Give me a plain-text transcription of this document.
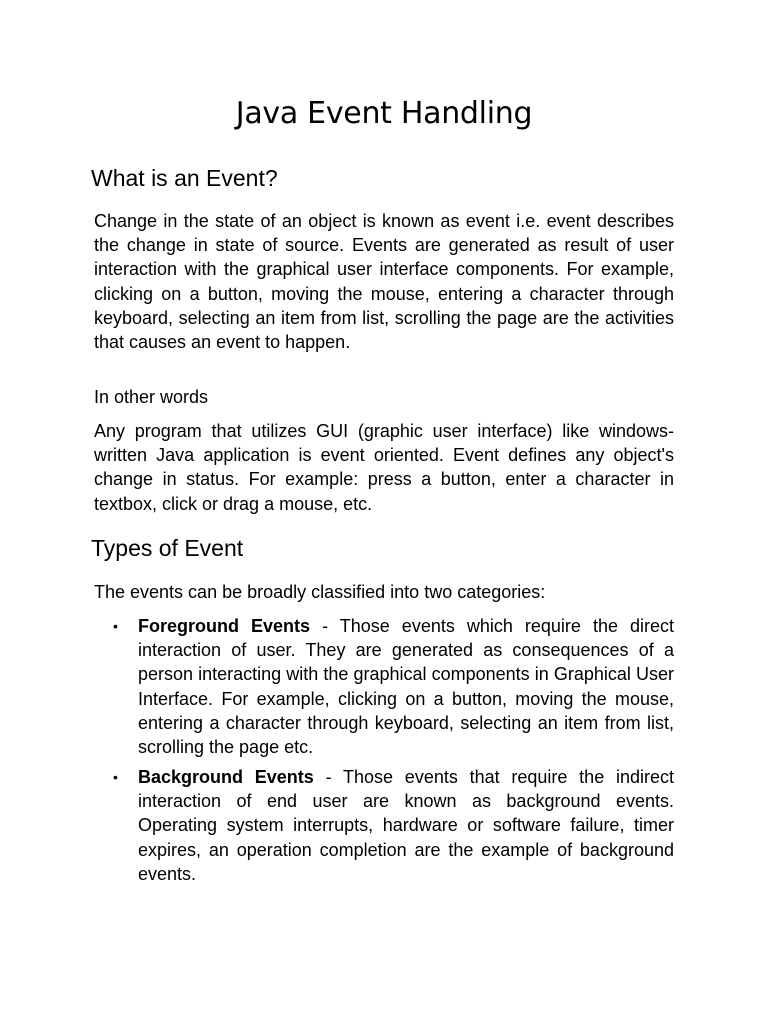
Java Event Handling
What is an Event?

Change in the state of an object is known as event i.e. event describes the change in state of source. Events are generated as result of user interaction with the graphical user interface components. For example, clicking on a button, moving the mouse, entering a character through keyboard, selecting an item from list, scrolling the page are the activities that causes an event to happen.

In other words

Any program that utilizes GUI (graphic user interface) like windows-written Java application is event oriented. Event defines any object's change in status. For example: press a button, enter a character in textbox, click or drag a mouse, etc.

Types of Event

The events can be broadly classified into two categories:

• Foreground Events - Those events which require the direct interaction of user. They are generated as consequences of a person interacting with the graphical components in Graphical User Interface. For example, clicking on a button, moving the mouse, entering a character through keyboard, selecting an item from list, scrolling the page etc.

• Background Events - Those events that require the indirect interaction of end user are known as background events. Operating system interrupts, hardware or software failure, timer expires, an operation completion are the example of background events.
